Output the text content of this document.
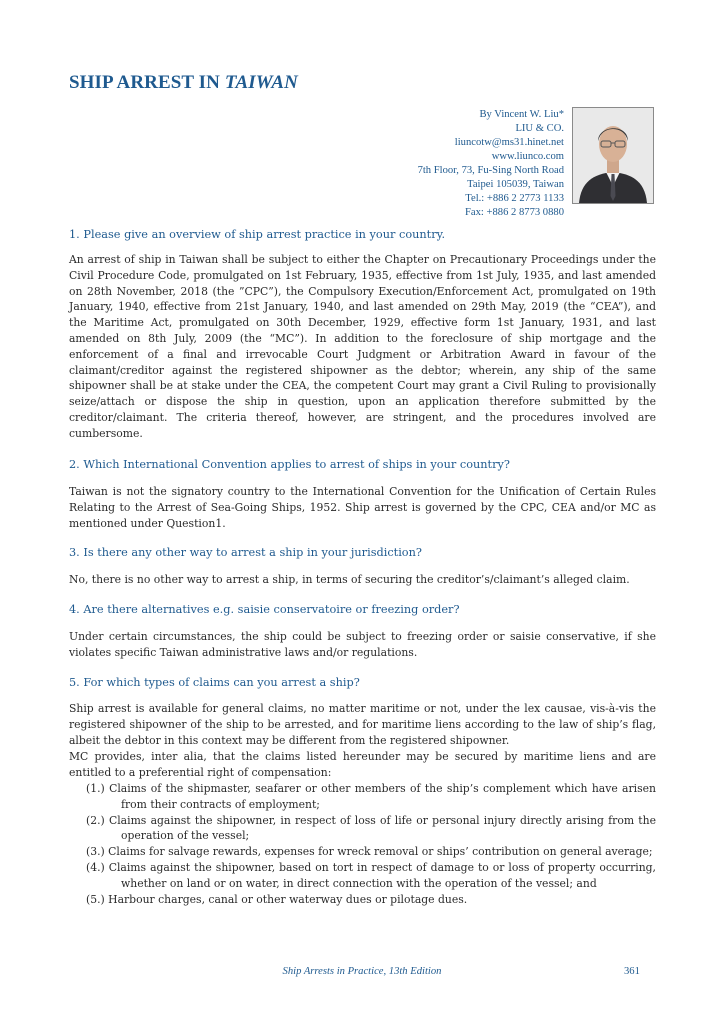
SHIP ARREST IN TAIWAN
By Vincent W. Liu*
LIU & CO.
liuncotw@ms31.hinet.net
www.liunco.com
7th Floor, 73, Fu-Sing North Road
Taipei 105039, Taiwan
Tel.: +886 2 2773 1133
Fax: +886 2 8773 0880
1. Please give an overview of ship arrest practice in your country.
An arrest of ship in Taiwan shall be subject to either the Chapter on Precautionary Proceedings under the Civil Procedure Code, promulgated on 1st February, 1935, effective from 1st July, 1935, and last amended on 28th November, 2018 (the ”CPC”), the Compulsory Execution/Enforcement Act, promulgated on 19th January, 1940, effective from 21st January, 1940, and last amended on 29th May, 2019 (the “CEA”), and the Maritime Act, promulgated on 30th December, 1929, effective form 1st January, 1931, and last amended on 8th July, 2009 (the “MC”). In addition to the foreclosure of ship mortgage and the enforcement of a final and irrevocable Court Judgment or Arbitration Award in favour of the claimant/creditor against the registered shipowner as the debtor; wherein, any ship of the same shipowner shall be at stake under the CEA, the competent Court may grant a Civil Ruling to provisionally seize/attach or dispose the ship in question, upon an application therefore submitted by the creditor/claimant. The criteria thereof, however, are stringent, and the procedures involved are cumbersome.
2. Which International Convention applies to arrest of ships in your country?
Taiwan is not the signatory country to the International Convention for the Unification of Certain Rules Relating to the Arrest of Sea-Going Ships, 1952. Ship arrest is governed by the CPC, CEA and/or MC as mentioned under Question1.
3. Is there any other way to arrest a ship in your jurisdiction?
No, there is no other way to arrest a ship, in terms of securing the creditor’s/claimant’s alleged claim.
4. Are there alternatives e.g. saisie conservatoire or freezing order?
Under certain circumstances, the ship could be subject to freezing order or saisie conservative, if she violates specific Taiwan administrative laws and/or regulations.
5. For which types of claims can you arrest a ship?
Ship arrest is available for general claims, no matter maritime or not, under the lex causae, vis-à-vis the registered shipowner of the ship to be arrested, and for maritime liens according to the law of ship’s flag, albeit the debtor in this context may be different from the registered shipowner.
MC provides, inter alia, that the claims listed hereunder may be secured by maritime liens and are entitled to a preferential right of compensation:
(1.) Claims of the shipmaster, seafarer or other members of the ship’s complement which have arisen from their contracts of employment;
(2.) Claims against the shipowner, in respect of loss of life or personal injury directly arising from the operation of the vessel;
(3.) Claims for salvage rewards, expenses for wreck removal or ships’ contribution on general average;
(4.) Claims against the shipowner, based on tort in respect of damage to or loss of property occurring, whether on land or on water, in direct connection with the operation of the vessel; and
(5.) Harbour charges, canal or other waterway dues or pilotage dues.
Ship Arrests in Practice, 13th Edition	361
